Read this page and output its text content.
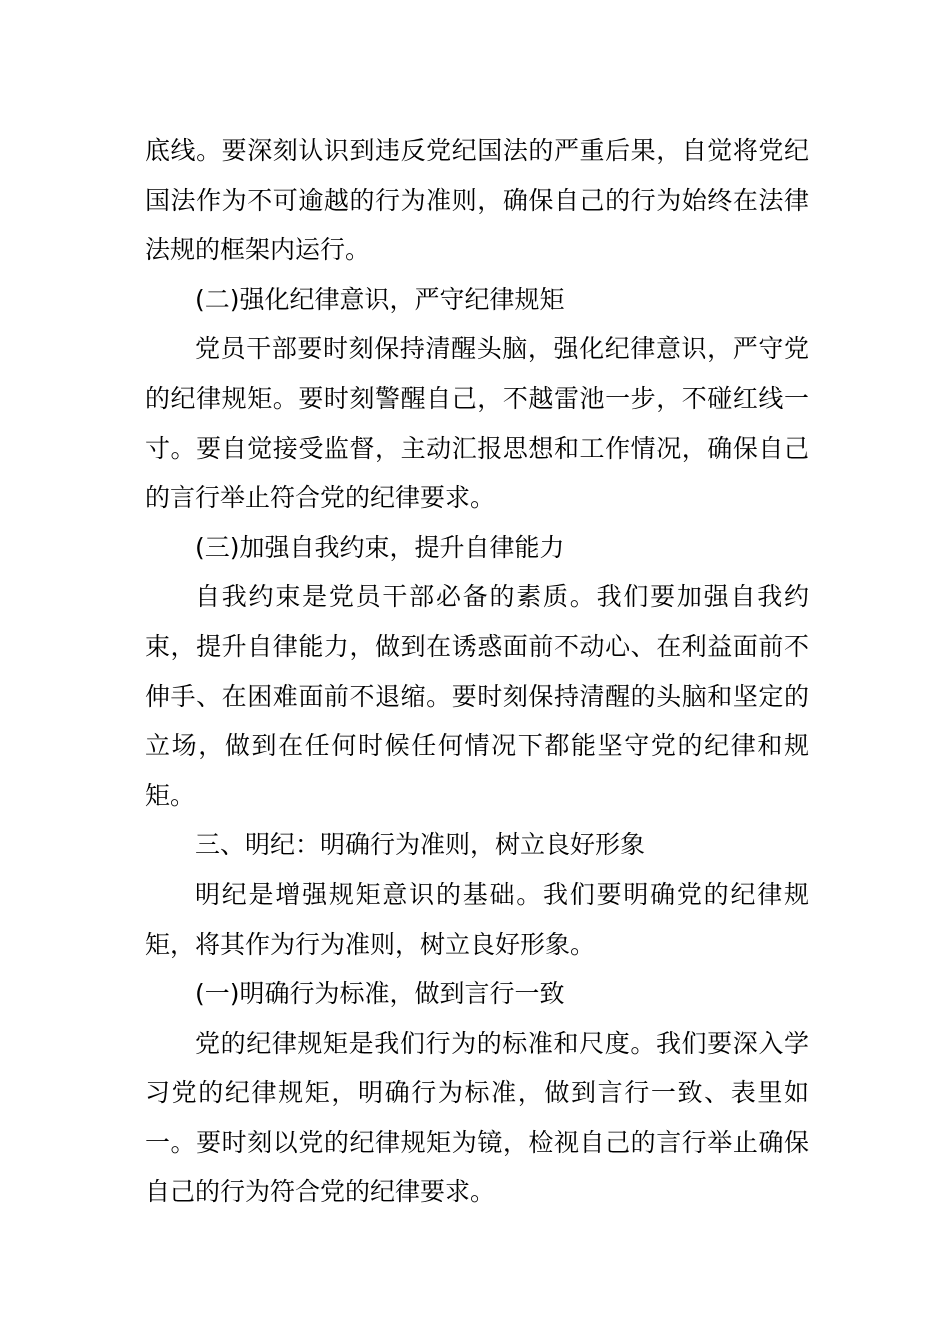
底线。要深刻认识到违反党纪国法的严重后果，自觉将党纪国法作为不可逾越的行为准则，确保自己的行为始终在法律法规的框架内运行。

(二)强化纪律意识，严守纪律规矩

党员干部要时刻保持清醒头脑，强化纪律意识，严守党的纪律规矩。要时刻警醒自己，不越雷池一步，不碰红线一寸。要自觉接受监督，主动汇报思想和工作情况，确保自己的言行举止符合党的纪律要求。

(三)加强自我约束，提升自律能力

自我约束是党员干部必备的素质。我们要加强自我约束，提升自律能力，做到在诱惑面前不动心、在利益面前不伸手、在困难面前不退缩。要时刻保持清醒的头脑和坚定的立场，做到在任何时候任何情况下都能坚守党的纪律和规矩。

三、明纪：明确行为准则，树立良好形象

明纪是增强规矩意识的基础。我们要明确党的纪律规矩，将其作为行为准则，树立良好形象。

(一)明确行为标准，做到言行一致

党的纪律规矩是我们行为的标准和尺度。我们要深入学习党的纪律规矩，明确行为标准，做到言行一致、表里如一。要时刻以党的纪律规矩为镜，检视自己的言行举止确保自己的行为符合党的纪律要求。
